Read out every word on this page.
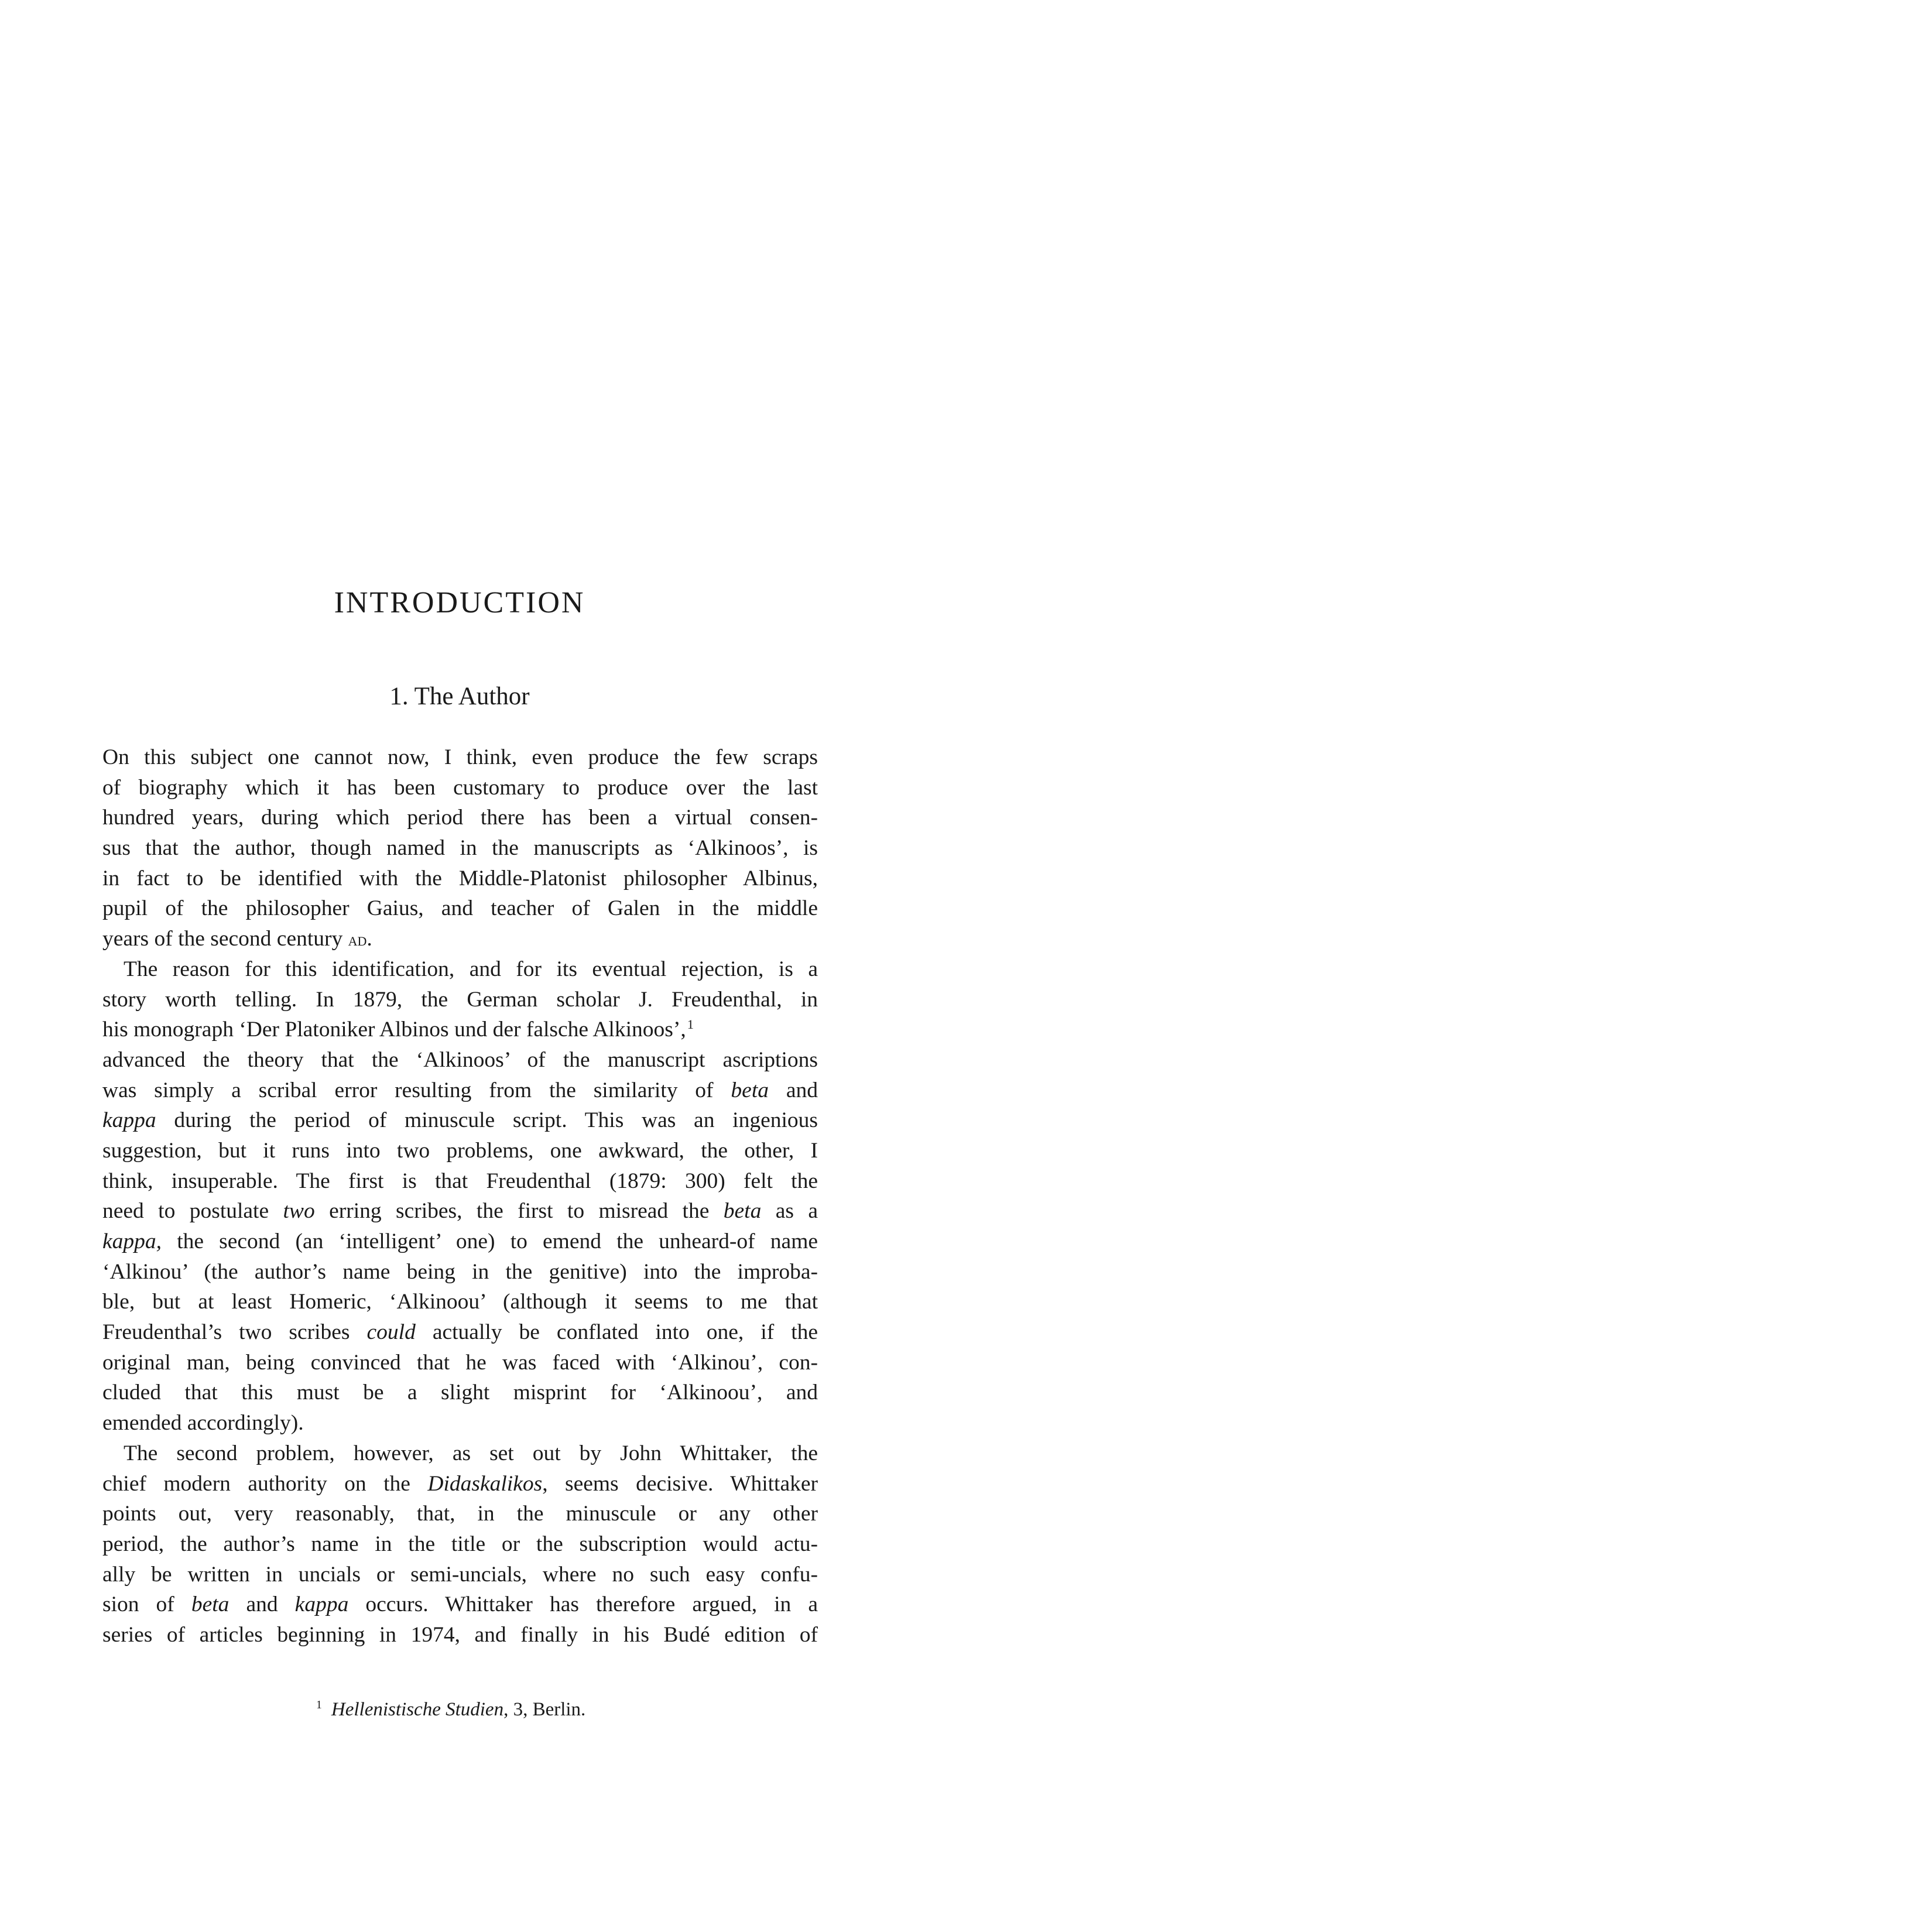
INTRODUCTION
1. The Author
On this subject one cannot now, I think, even produce the few scraps
of biography which it has been customary to produce over the last
hundred years, during which period there has been a virtual consen-
sus that the author, though named in the manuscripts as ‘Alkinoos’, is
in fact to be identified with the Middle-Platonist philosopher Albinus,
pupil of the philosopher Gaius, and teacher of Galen in the middle
years of the second century ad.
The reason for this identification, and for its eventual rejection, is a
story worth telling. In 1879, the German scholar J. Freudenthal, in
his monograph ‘Der Platoniker Albinos und der falsche Alkinoos’,$^1$
advanced the theory that the ‘Alkinoos’ of the manuscript ascriptions
was simply a scribal error resulting from the similarity of beta and
kappa during the period of minuscule script. This was an ingenious
suggestion, but it runs into two problems, one awkward, the other, I
think, insuperable. The first is that Freudenthal (1879: 300) felt the
need to postulate two erring scribes, the first to misread the beta as a
kappa, the second (an ‘intelligent’ one) to emend the unheard-of name
‘Alkinou’ (the author’s name being in the genitive) into the improba-
ble, but at least Homeric, ‘Alkinoou’ (although it seems to me that
Freudenthal’s two scribes could actually be conflated into one, if the
original man, being convinced that he was faced with ‘Alkinou’, con-
cluded that this must be a slight misprint for ‘Alkinoou’, and
emended accordingly).
The second problem, however, as set out by John Whittaker, the
chief modern authority on the Didaskalikos, seems decisive. Whittaker
points out, very reasonably, that, in the minuscule or any other
period, the author’s name in the title or the subscription would actu-
ally be written in uncials or semi-uncials, where no such easy confu-
sion of beta and kappa occurs. Whittaker has therefore argued, in a
series of articles beginning in 1974, and finally in his Budé edition of
$^1$ Hellenistische Studien, 3, Berlin.
